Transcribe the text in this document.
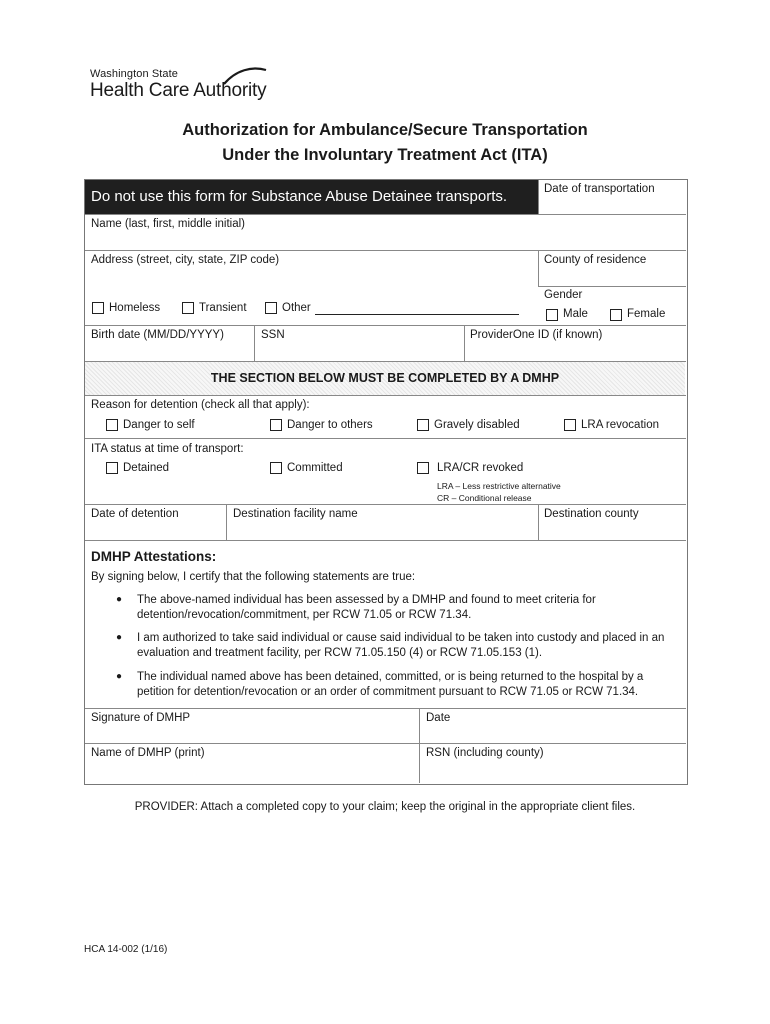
Washington State
Health Care Authority
Authorization for Ambulance/Secure Transportation
Under the Involuntary Treatment Act (ITA)
Do not use this form for Substance Abuse Detainee transports.	Date of transportation
Name (last, first, middle initial)
Address (street, city, state, ZIP code)	County of residence
Gender
Homeless	Transient	Other	Male	Female
Birth date (MM/DD/YYYY)	SSN	ProviderOne ID (if known)
THE SECTION BELOW MUST BE COMPLETED BY A DMHP
Reason for detention (check all that apply):
Danger to self	Danger to others	Gravely disabled	LRA revocation
ITA status at time of transport:
Detained	Committed	LRA/CR revoked
LRA – Less restrictive alternative
CR – Conditional release
Date of detention	Destination facility name	Destination county
DMHP Attestations:
By signing below, I certify that the following statements are true:
● The above-named individual has been assessed by a DMHP and found to meet criteria for detention/revocation/commitment, per RCW 71.05 or RCW 71.34.
● I am authorized to take said individual or cause said individual to be taken into custody and placed in an evaluation and treatment facility, per RCW 71.05.150 (4) or RCW 71.05.153 (1).
● The individual named above has been detained, committed, or is being returned to the hospital by a petition for detention/revocation or an order of commitment pursuant to RCW 71.05 or RCW 71.34.
Signature of DMHP	Date
Name of DMHP (print)	RSN (including county)
PROVIDER: Attach a completed copy to your claim; keep the original in the appropriate client files.
HCA 14-002 (1/16)
